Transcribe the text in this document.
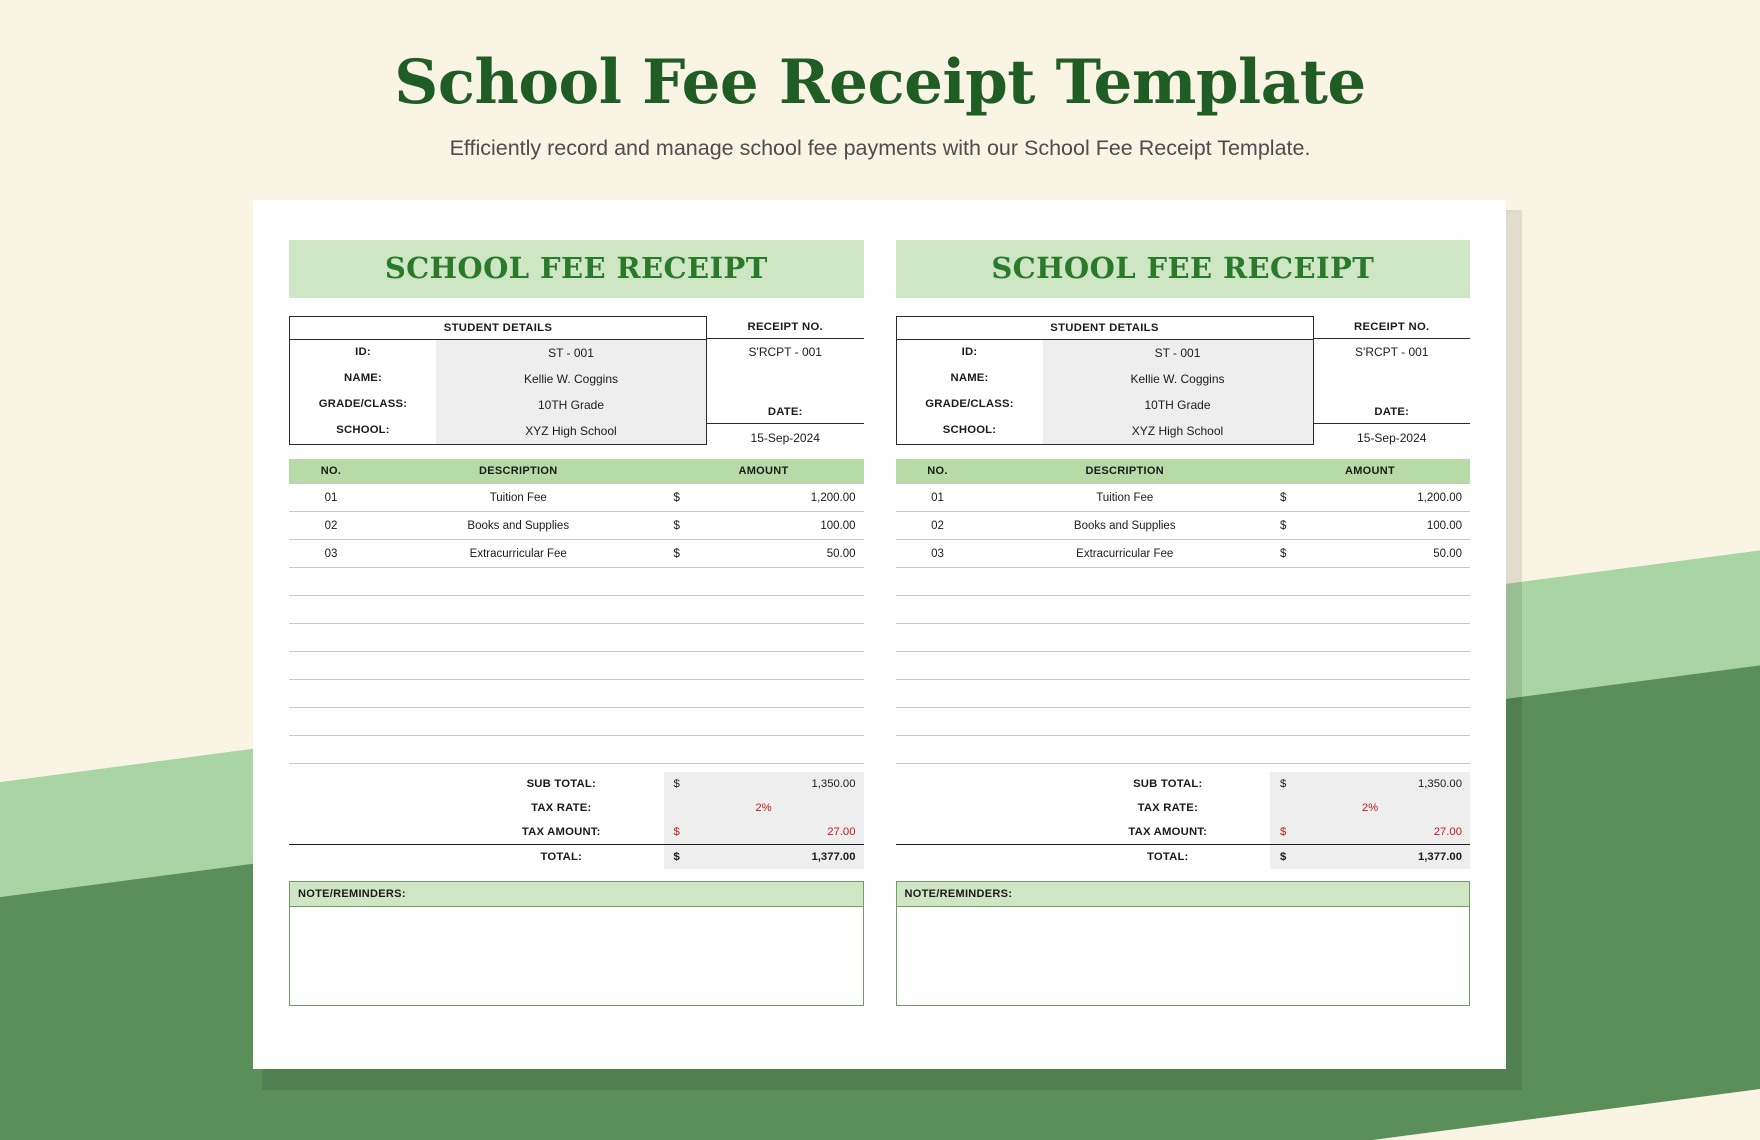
School Fee Receipt Template
Efficiently record and manage school fee payments with our School Fee Receipt Template.
SCHOOL FEE RECEIPT
STUDENT DETAILS
ID:	ST - 001
NAME:	Kellie W. Coggins
GRADE/CLASS:	10TH Grade
SCHOOL:	XYZ High School
RECEIPT NO.
S'RCPT - 001
DATE:
15-Sep-2024
NO.	DESCRIPTION	AMOUNT
01	Tuition Fee	$ 1,200.00

02	Books and Supplies	$ 100.00

03	Extracurricular Fee	$ 50.00

	SUB TOTAL:	$ 1,350.00

	TAX RATE:	2%
	TAX AMOUNT:	$ 27.00

	TOTAL:	$ 1,377.00
NOTE/REMINDERS:
SCHOOL FEE RECEIPT
STUDENT DETAILS
ID:	ST - 001
NAME:	Kellie W. Coggins
GRADE/CLASS:	10TH Grade
SCHOOL:	XYZ High School
RECEIPT NO.
S'RCPT - 001
DATE:
15-Sep-2024
NO.	DESCRIPTION	AMOUNT
01	Tuition Fee	$ 1,200.00

02	Books and Supplies	$ 100.00

03	Extracurricular Fee	$ 50.00

	SUB TOTAL:	$ 1,350.00

	TAX RATE:	2%
	TAX AMOUNT:	$ 27.00

	TOTAL:	$ 1,377.00
NOTE/REMINDERS:
